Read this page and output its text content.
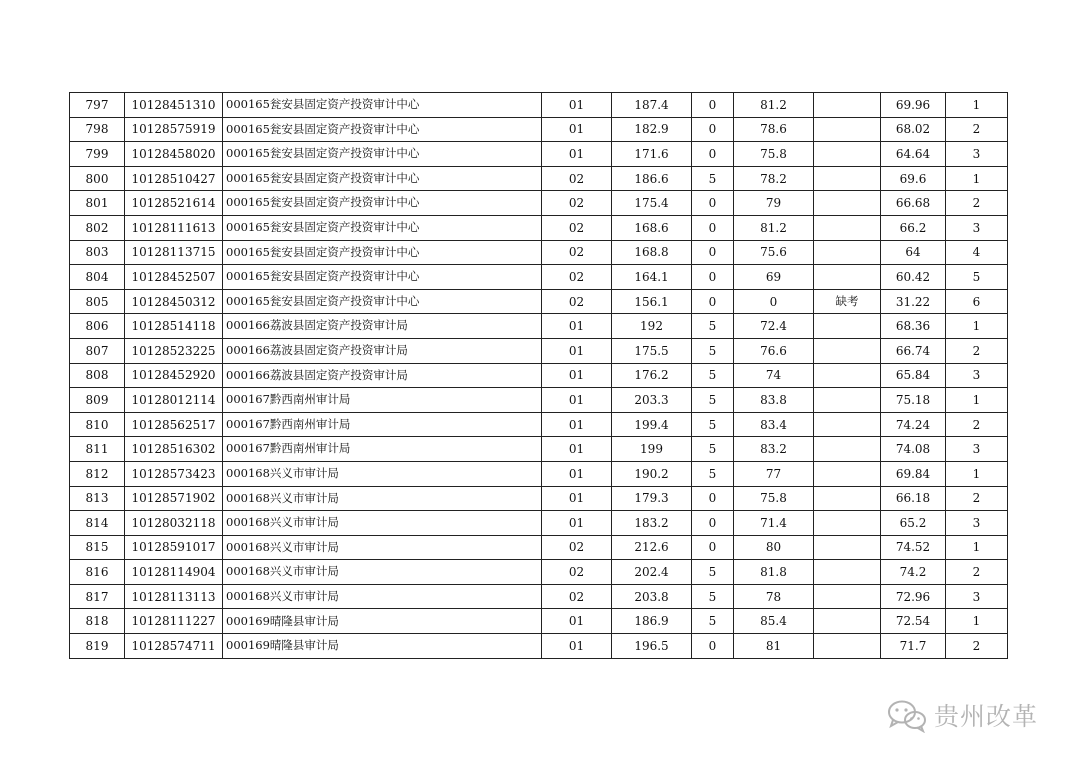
797	10128451310	000165瓮安县固定资产投资审计中心	01	187.4	0	81.2		69.96	1
798	10128575919	000165瓮安县固定资产投资审计中心	01	182.9	0	78.6		68.02	2
799	10128458020	000165瓮安县固定资产投资审计中心	01	171.6	0	75.8		64.64	3
800	10128510427	000165瓮安县固定资产投资审计中心	02	186.6	5	78.2		69.6	1
801	10128521614	000165瓮安县固定资产投资审计中心	02	175.4	0	79		66.68	2
802	10128111613	000165瓮安县固定资产投资审计中心	02	168.6	0	81.2		66.2	3
803	10128113715	000165瓮安县固定资产投资审计中心	02	168.8	0	75.6		64	4
804	10128452507	000165瓮安县固定资产投资审计中心	02	164.1	0	69		60.42	5
805	10128450312	000165瓮安县固定资产投资审计中心	02	156.1	0	0	缺考	31.22	6
806	10128514118	000166荔波县固定资产投资审计局	01	192	5	72.4		68.36	1
807	10128523225	000166荔波县固定资产投资审计局	01	175.5	5	76.6		66.74	2
808	10128452920	000166荔波县固定资产投资审计局	01	176.2	5	74		65.84	3
809	10128012114	000167黔西南州审计局	01	203.3	5	83.8		75.18	1
810	10128562517	000167黔西南州审计局	01	199.4	5	83.4		74.24	2
811	10128516302	000167黔西南州审计局	01	199	5	83.2		74.08	3
812	10128573423	000168兴义市审计局	01	190.2	5	77		69.84	1
813	10128571902	000168兴义市审计局	01	179.3	0	75.8		66.18	2
814	10128032118	000168兴义市审计局	01	183.2	0	71.4		65.2	3
815	10128591017	000168兴义市审计局	02	212.6	0	80		74.52	1
816	10128114904	000168兴义市审计局	02	202.4	5	81.8		74.2	2
817	10128113113	000168兴义市审计局	02	203.8	5	78		72.96	3
818	10128111227	000169晴隆县审计局	01	186.9	5	85.4		72.54	1
819	10128574711	000169晴隆县审计局	01	196.5	0	81		71.7	2
贵州改革
